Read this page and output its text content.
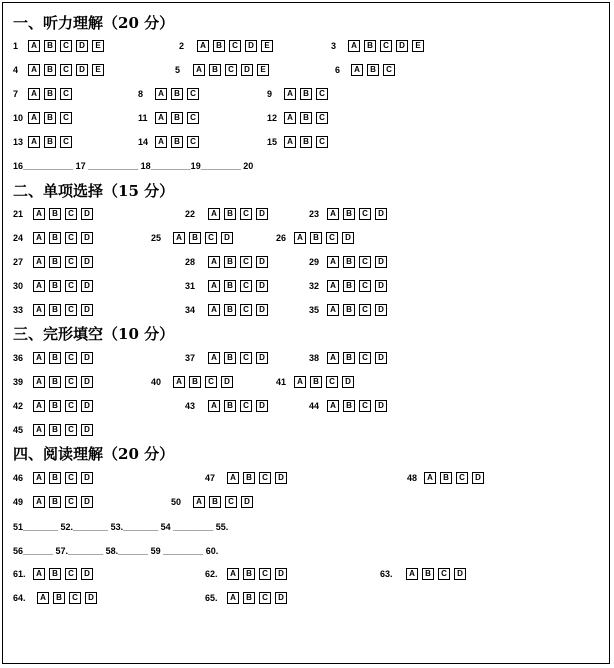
一、听力理解（20 分）
二、单项选择（15 分）
三、完形填空（10 分）
四、阅读理解（20 分）
16__________ 17 __________ 18________19________ 20
51_______ 52._______ 53._______ 54 ________ 55.
56______ 57._______ 58.______ 59 ________ 60.
1	A	B	C	D	E	2	A	B	C	D	E	3	A	B	C	D	E
4	A	B	C	D	E	5	A	B	C	D	E	6	A	B	C
7	A	B	C	8	A	B	C	9	A	B	C
10	A	B	C	11	A	B	C	12	A	B	C
13	A	B	C	14	A	B	C	15	A	B	C
21	A	B	C	D	22	A	B	C	D	23	A	B	C	D
24	A	B	C	D	25	A	B	C	D	26	A	B	C	D
27	A	B	C	D	28	A	B	C	D	29	A	B	C	D
30	A	B	C	D	31	A	B	C	D	32	A	B	C	D
33	A	B	C	D	34	A	B	C	D	35	A	B	C	D
36	A	B	C	D	37	A	B	C	D	38	A	B	C	D
39	A	B	C	D	40	A	B	C	D	41	A	B	C	D
42	A	B	C	D	43	A	B	C	D	44	A	B	C	D
45	A	B	C	D
46	A	B	C	D	47	A	B	C	D	48	A	B	C	D
49	A	B	C	D	50	A	B	C	D
61.	A	B	C	D	62.	A	B	C	D	63.	A	B	C	D
64.	A	B	C	D	65.	A	B	C	D
